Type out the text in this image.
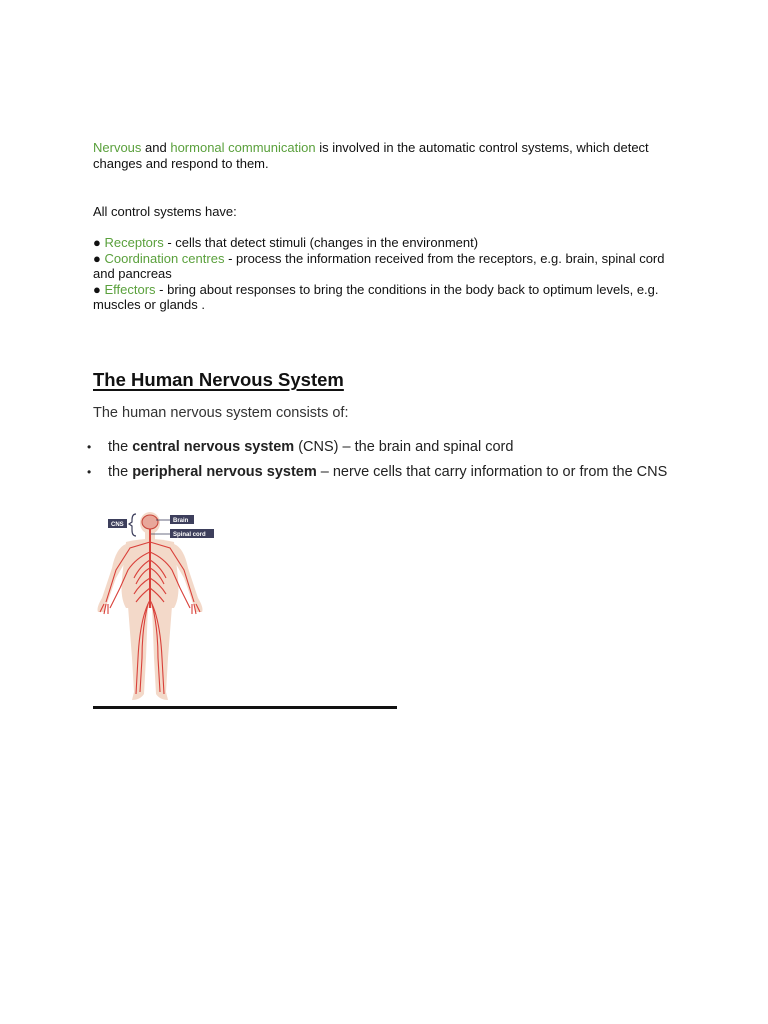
Nervous and hormonal communication is involved in the automatic control systems, which detect changes and respond to them.

All control systems have:

● Receptors - cells that detect stimuli (changes in the environment)
● Coordination centres - process the information received from the receptors, e.g. brain, spinal cord and pancreas
● Effectors - bring about responses to bring the conditions in the body back to optimum levels, e.g. muscles or glands .
The Human Nervous System

The human nervous system consists of:

• the central nervous system (CNS) – the brain and spinal cord
• the peripheral nervous system – nerve cells that carry information to or from the CNS
CNS
Brain
Spinal cord
